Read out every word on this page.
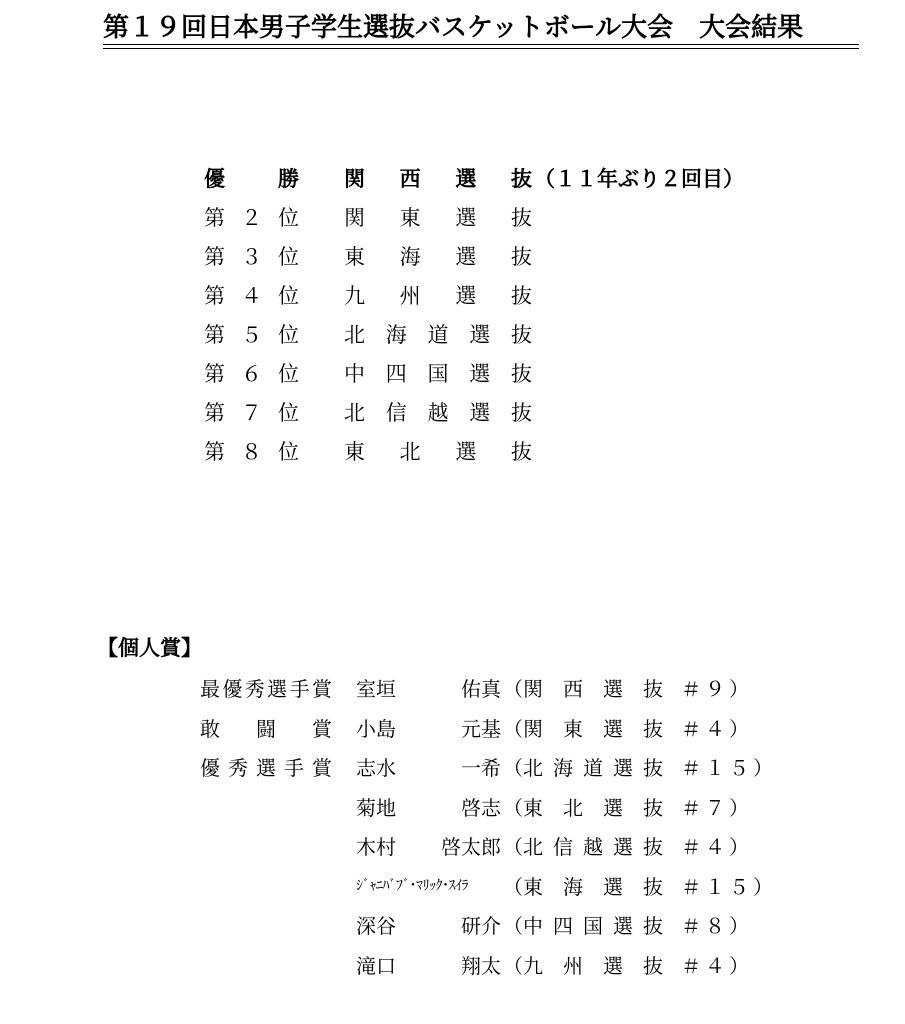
第１９回日本男子学生選抜バスケットボール大会　大会結果
優	勝 関 西 選 抜 （１１年ぶり２回目）
第 ２ 位 関 東 選 抜
第 ３ 位 東 海 選 抜
第 ４ 位 九 州 選 抜
第 ５ 位 北 海 道 選 抜
第 ６ 位 中 四 国 選 抜
第 ７ 位 北 信 越 選 抜
第 ８ 位 東 北 選 抜
【個人賞】
最 優 秀 選 手 賞 室垣	佑真 （ 関 西 選 抜 ＃９ ）
敢 闘 賞 小島	元基 （ 関 東 選 抜 ＃４ ）
優 秀 選 手 賞 志水	一希 （ 北 海 道 選 抜 ＃１５ ）
菊地	啓志 （ 東 北 選 抜 ＃７ ）
木村	啓太郎 （ 北 信 越 選 抜 ＃４ ）
ｼﾞｬﾆﾊﾞﾌﾞ･ﾏﾘｯｸ･ｽｲﾗ	（ 東 海 選 抜 ＃１５ ）
深谷	研介 （ 中 四 国 選 抜 ＃８ ）
滝口	翔太 （ 九 州 選 抜 ＃４ ）
